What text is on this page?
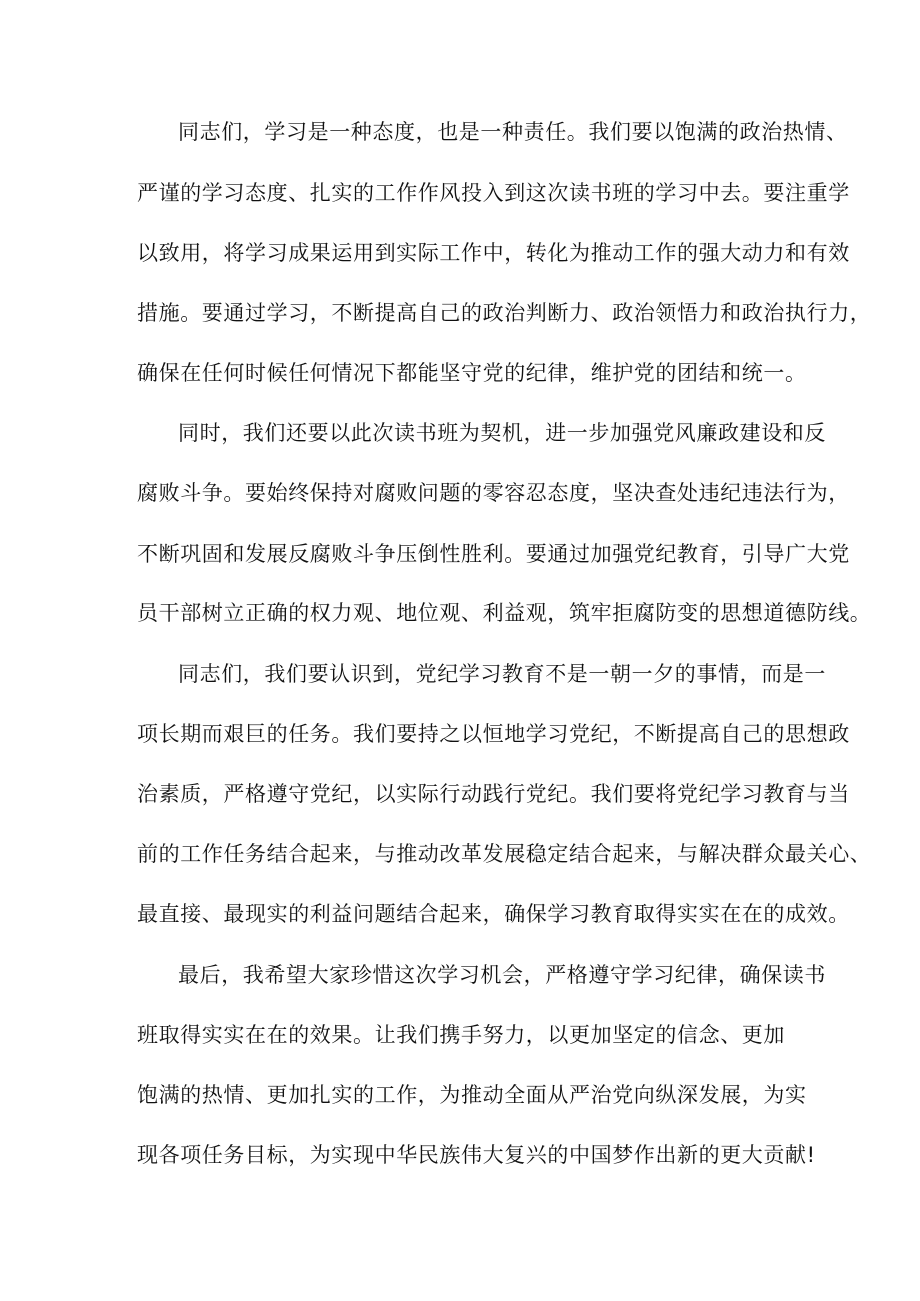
同志们，学习是一种态度，也是一种责任。我们要以饱满的政治热情、
严谨的学习态度、扎实的工作作风投入到这次读书班的学习中去。要注重学
以致用，将学习成果运用到实际工作中，转化为推动工作的强大动力和有效
措施。要通过学习，不断提高自己的政治判断力、政治领悟力和政治执行力，
确保在任何时候任何情况下都能坚守党的纪律，维护党的团结和统一。
同时，我们还要以此次读书班为契机，进一步加强党风廉政建设和反
腐败斗争。要始终保持对腐败问题的零容忍态度，坚决查处违纪违法行为，
不断巩固和发展反腐败斗争压倒性胜利。要通过加强党纪教育，引导广大党
员干部树立正确的权力观、地位观、利益观，筑牢拒腐防变的思想道德防线。
同志们，我们要认识到，党纪学习教育不是一朝一夕的事情，而是一
项长期而艰巨的任务。我们要持之以恒地学习党纪，不断提高自己的思想政
治素质，严格遵守党纪，以实际行动践行党纪。我们要将党纪学习教育与当
前的工作任务结合起来，与推动改革发展稳定结合起来，与解决群众最关心、
最直接、最现实的利益问题结合起来，确保学习教育取得实实在在的成效。
最后，我希望大家珍惜这次学习机会，严格遵守学习纪律，确保读书
班取得实实在在的效果。让我们携手努力，以更加坚定的信念、更加
饱满的热情、更加扎实的工作，为推动全面从严治党向纵深发展，为实
现各项任务目标，为实现中华民族伟大复兴的中国梦作出新的更大贡献!
